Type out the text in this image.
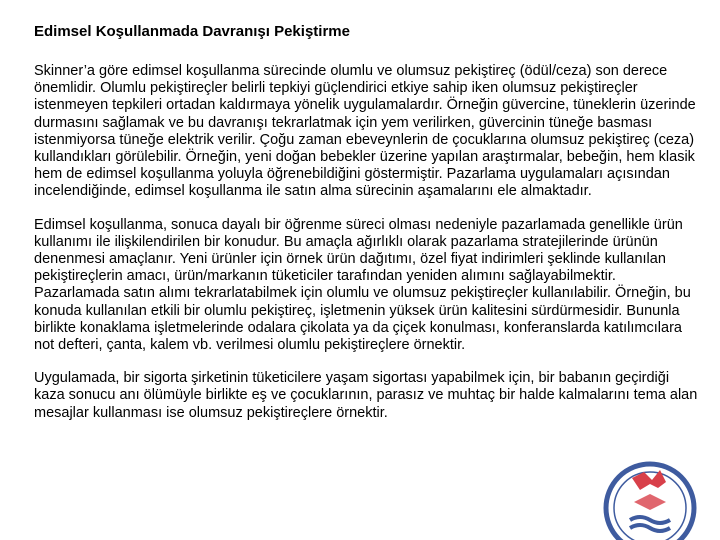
Edimsel Koşullanmada Davranışı Pekiştirme

Skinner’a göre edimsel koşullanma sürecinde olumlu ve olumsuz pekiştireç (ödül/ceza) son derece önemlidir. Olumlu pekiştireçler belirli tepkiyi güçlendirici etkiye sahip iken olumsuz pekiştireçler istenmeyen tepkileri ortadan kaldırmaya yönelik uygulamalardır. Örneğin güvercine, tüneklerin üzerinde durmasını sağlamak ve bu davranışı tekrarlatmak için yem verilirken, güvercinin tüneğe basması istenmiyorsa tüneğe elektrik verilir. Çoğu zaman ebeveynlerin de çocuklarına olumsuz pekiştireç (ceza) kullandıkları görülebilir. Örneğin, yeni doğan bebekler üzerine yapılan araştırmalar, bebeğin, hem klasik hem de edimsel koşullanma yoluyla öğrenebildiğini göstermiştir. Pazarlama uygulamaları açısından incelendiğinde, edimsel koşullanma ile satın alma sürecinin aşamalarını ele almaktadır.

Edimsel koşullanma, sonuca dayalı bir öğrenme süreci olması nedeniyle pazarlamada genellikle ürün kullanımı ile ilişkilendirilen bir konudur. Bu amaçla ağırlıklı olarak pazarlama stratejilerinde ürünün denenmesi amaçlanır. Yeni ürünler için örnek ürün dağıtımı, özel fiyat indirimleri şeklinde kullanılan pekiştireçlerin amacı, ürün/markanın tüketiciler tarafından yeniden alımını sağlayabilmektir. Pazarlamada satın alımı tekrarlatabilmek için olumlu ve olumsuz pekiştireçler kullanılabilir. Örneğin, bu konuda kullanılan etkili bir olumlu pekiştireç, işletmenin yüksek ürün kalitesini sürdürmesidir. Bununla birlikte konaklama işletmelerinde odalara çikolata ya da çiçek konulması, konferanslarda katılımcılara not defteri, çanta, kalem vb. verilmesi olumlu pekiştireçlere örnektir.

Uygulamada, bir sigorta şirketinin tüketicilere yaşam sigortası yapabilmek için, bir babanın geçirdiği kaza sonucu anı ölümüyle birlikte eş ve çocuklarının, parasız ve muhtaç bir halde kalmalarını tema alan mesajlar kullanması ise olumsuz pekiştireçlere örnektir.
